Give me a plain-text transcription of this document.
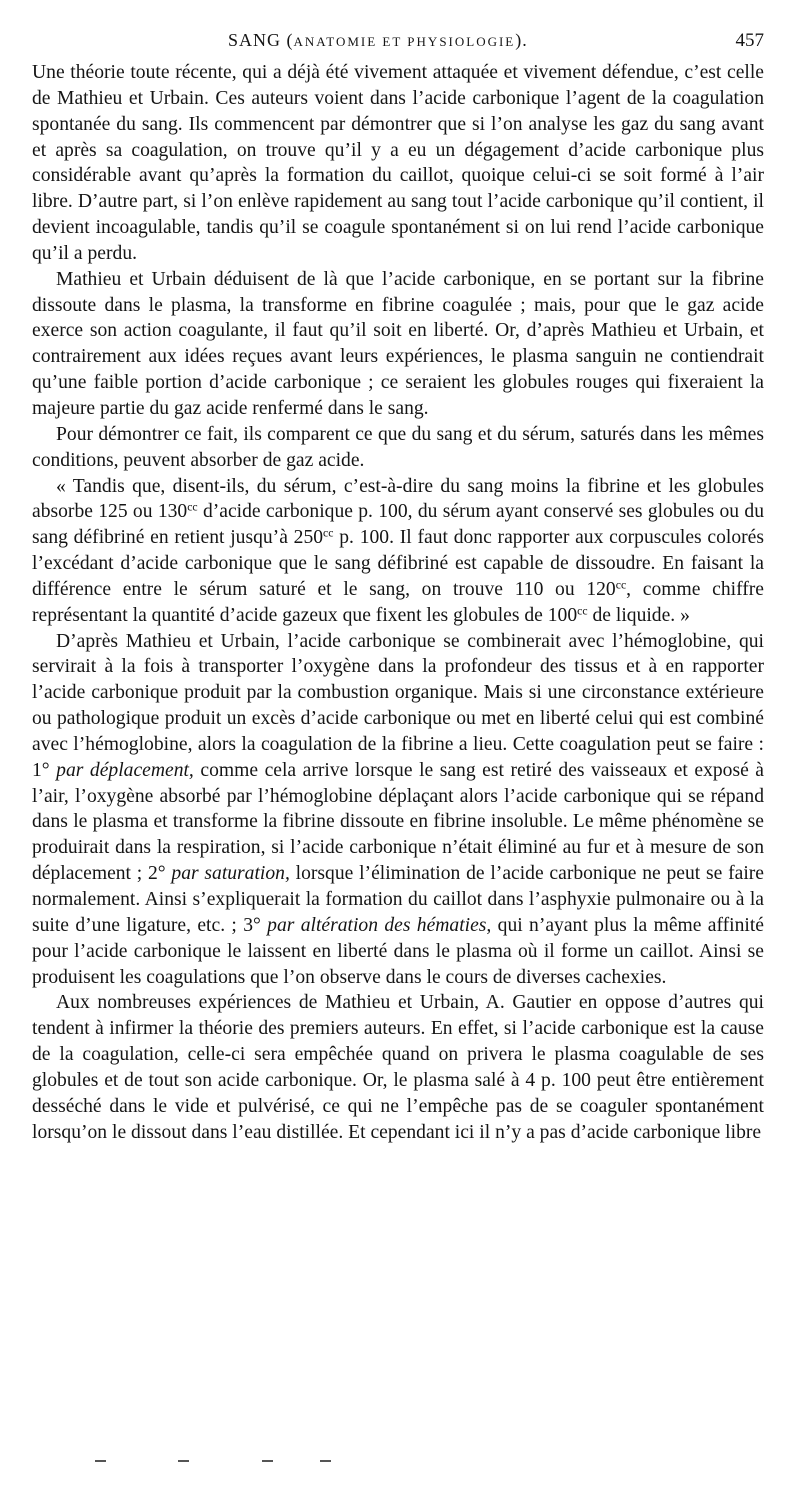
SANG (ANATOMIE ET PHYSIOLOGIE).	457

Une théorie toute récente, qui a déjà été vivement attaquée et vivement défendue, c’est celle de Mathieu et Urbain. Ces auteurs voient dans l’acide carbonique l’agent de la coagulation spontanée du sang. Ils commencent par démontrer que si l’on analyse les gaz du sang avant et après sa coagulation, on trouve qu’il y a eu un dégagement d’acide carbonique plus considérable avant qu’après la formation du caillot, quoique celui-ci se soit formé à l’air libre. D’autre part, si l’on enlève rapidement au sang tout l’acide carbonique qu’il contient, il devient incoagulable, tandis qu’il se coagule spontanément si on lui rend l’acide carbonique qu’il a perdu.

Mathieu et Urbain déduisent de là que l’acide carbonique, en se portant sur la fibrine dissoute dans le plasma, la transforme en fibrine coagulée ; mais, pour que le gaz acide exerce son action coagulante, il faut qu’il soit en liberté. Or, d’après Mathieu et Urbain, et contrairement aux idées reçues avant leurs expériences, le plasma sanguin ne contiendrait qu’une faible portion d’acide carbonique ; ce seraient les globules rouges qui fixeraient la majeure partie du gaz acide renfermé dans le sang.

Pour démontrer ce fait, ils comparent ce que du sang et du sérum, saturés dans les mêmes conditions, peuvent absorber de gaz acide.

« Tandis que, disent-ils, du sérum, c’est-à-dire du sang moins la fibrine et les globules absorbe 125 ou $130^{cc}$ d’acide carbonique p. 100, du sérum ayant conservé ses globules ou du sang défibriné en retient jusqu’à $250^{cc}$ p. 100. Il faut donc rapporter aux corpuscules colorés l’excédant d’acide carbonique que le sang défibriné est capable de dissoudre. En faisant la différence entre le sérum saturé et le sang, on trouve 110 ou $120^{cc}$, comme chiffre représentant la quantité d’acide gazeux que fixent les globules de $100^{cc}$ de liquide. »

D’après Mathieu et Urbain, l’acide carbonique se combinerait avec l’hémoglobine, qui servirait à la fois à transporter l’oxygène dans la profondeur des tissus et à en rapporter l’acide carbonique produit par la combustion organique. Mais si une circonstance extérieure ou pathologique produit un excès d’acide carbonique ou met en liberté celui qui est combiné avec l’hémoglobine, alors la coagulation de la fibrine a lieu. Cette coagulation peut se faire : 1° par déplacement, comme cela arrive lorsque le sang est retiré des vaisseaux et exposé à l’air, l’oxygène absorbé par l’hémoglobine déplaçant alors l’acide carbonique qui se répand dans le plasma et transforme la fibrine dissoute en fibrine insoluble. Le même phénomène se produirait dans la respiration, si l’acide carbonique n’était éliminé au fur et à mesure de son déplacement ; 2° par saturation, lorsque l’élimination de l’acide carbonique ne peut se faire normalement. Ainsi s’expliquerait la formation du caillot dans l’asphyxie pulmonaire ou à la suite d’une ligature, etc. ; 3° par altération des hématies, qui n’ayant plus la même affinité pour l’acide carbonique le laissent en liberté dans le plasma où il forme un caillot. Ainsi se produisent les coagulations que l’on observe dans le cours de diverses cachexies.

Aux nombreuses expériences de Mathieu et Urbain, A. Gautier en oppose d’autres qui tendent à infirmer la théorie des premiers auteurs. En effet, si l’acide carbonique est la cause de la coagulation, celle-ci sera empêchée quand on privera le plasma coagulable de ses globules et de tout son acide carbonique. Or, le plasma salé à 4 p. 100 peut être entièrement desséché dans le vide et pulvérisé, ce qui ne l’empêche pas de se coaguler spontanément lorsqu’on le dissout dans l’eau distillée. Et cependant ici il n’y a pas d’acide carbonique libre
